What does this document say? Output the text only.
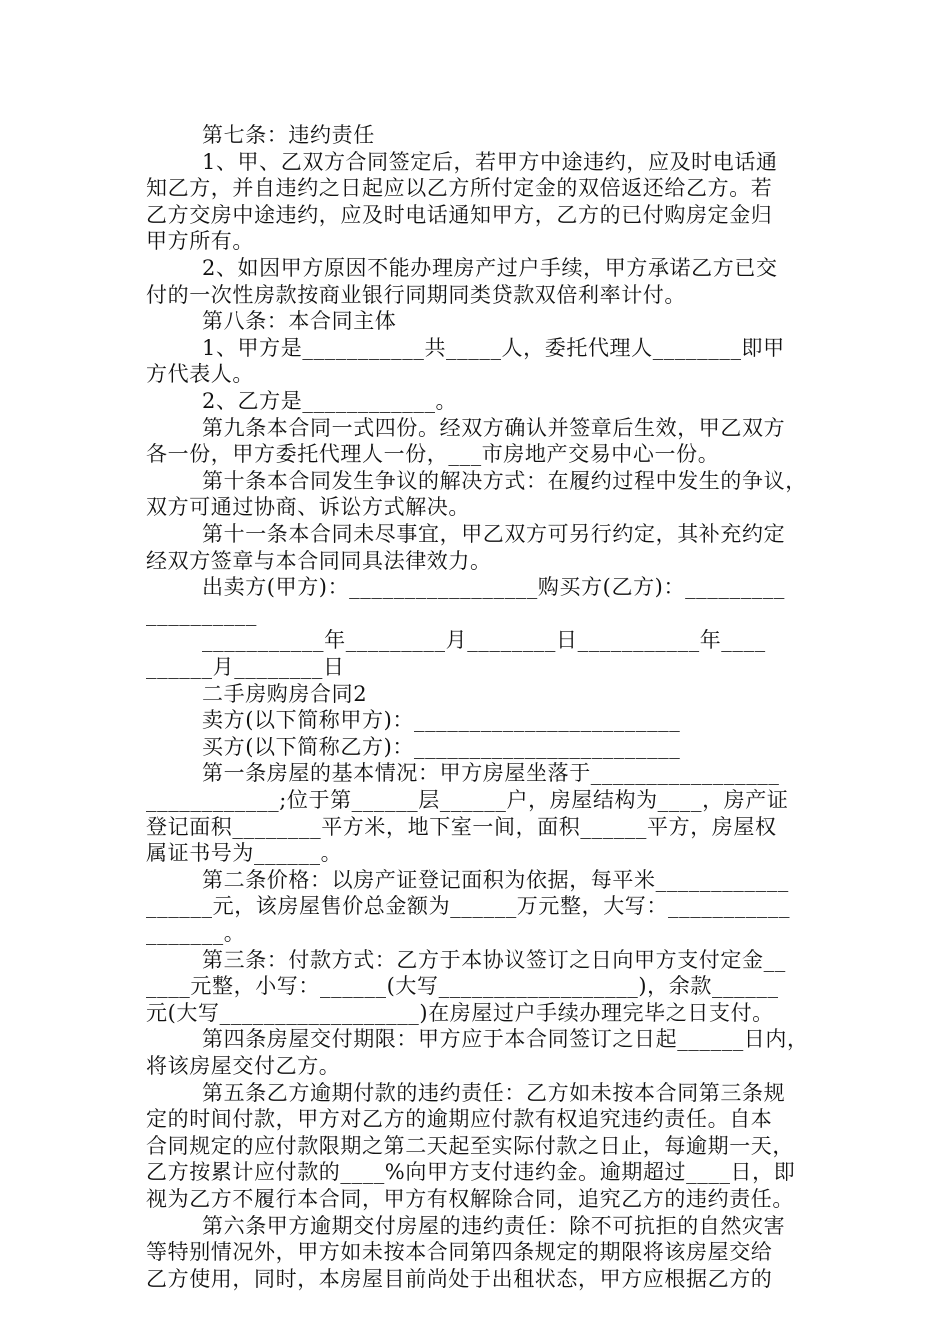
第七条：违约责任
1、甲、乙双方合同签定后，若甲方中途违约，应及时电话通
知乙方，并自违约之日起应以乙方所付定金的双倍返还给乙方。若
乙方交房中途违约，应及时电话通知甲方，乙方的已付购房定金归
甲方所有。
2、如因甲方原因不能办理房产过户手续，甲方承诺乙方已交
付的一次性房款按商业银行同期同类贷款双倍利率计付。
第八条：本合同主体
1、甲方是___________共_____人，委托代理人________即甲
方代表人。
2、乙方是____________。
第九条本合同一式四份。经双方确认并签章后生效，甲乙双方
各一份，甲方委托代理人一份，___市房地产交易中心一份。
第十条本合同发生争议的解决方式：在履约过程中发生的争议，
双方可通过协商、诉讼方式解决。
第十一条本合同未尽事宜，甲乙双方可另行约定，其补充约定
经双方签章与本合同同具法律效力。
出卖方(甲方)：_________________购买方(乙方)：_________
__________
___________年_________月________日___________年____
______月________日
二手房购房合同2
卖方(以下简称甲方)：________________________
买方(以下简称乙方)：________________________
第一条房屋的基本情况：甲方房屋坐落于_________________
____________;位于第______层______户，房屋结构为____，房产证
登记面积________平方米，地下室一间，面积______平方，房屋权
属证书号为______。
第二条价格：以房产证登记面积为依据，每平米____________
______元，该房屋售价总金额为______万元整，大写：___________
_______。
第三条：付款方式：乙方于本协议签订之日向甲方支付定金__
____元整，小写：______(大写__________________)，余款______
元(大写__________________)在房屋过户手续办理完毕之日支付。
第四条房屋交付期限：甲方应于本合同签订之日起______日内，
将该房屋交付乙方。
第五条乙方逾期付款的违约责任：乙方如未按本合同第三条规
定的时间付款，甲方对乙方的逾期应付款有权追究违约责任。自本
合同规定的应付款限期之第二天起至实际付款之日止，每逾期一天，
乙方按累计应付款的____%向甲方支付违约金。逾期超过____日，即
视为乙方不履行本合同，甲方有权解除合同，追究乙方的违约责任。
第六条甲方逾期交付房屋的违约责任：除不可抗拒的自然灾害
等特别情况外，甲方如未按本合同第四条规定的期限将该房屋交给
乙方使用，同时，本房屋目前尚处于出租状态，甲方应根据乙方的
